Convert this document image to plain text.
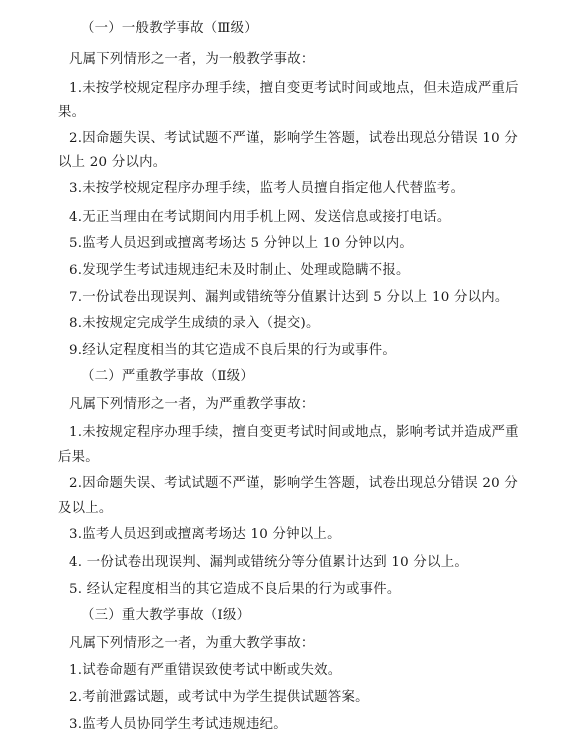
（一）一般教学事故（Ⅲ级）
凡属下列情形之一者，为一般教学事故：
1.未按学校规定程序办理手续，擅自变更考试时间或地点，但未造成严重后
果。
2.因命题失误、考试试题不严谨，影响学生答题，试卷出现总分错误 10 分
以上 20 分以内。
3.未按学校规定程序办理手续，监考人员擅自指定他人代替监考。
4.无正当理由在考试期间内用手机上网、发送信息或接打电话。
5.监考人员迟到或擅离考场达 5 分钟以上 10 分钟以内。
6.发现学生考试违规违纪未及时制止、处理或隐瞒不报。
7.一份试卷出现误判、漏判或错统等分值累计达到 5 分以上 10 分以内。
8.未按规定完成学生成绩的录入（提交)。
9.经认定程度相当的其它造成不良后果的行为或事件。
（二）严重教学事故（Ⅱ级）
凡属下列情形之一者，为严重教学事故：
1.未按规定程序办理手续，擅自变更考试时间或地点，影响考试并造成严重
后果。
2.因命题失误、考试试题不严谨，影响学生答题，试卷出现总分错误 20 分
及以上。
3.监考人员迟到或擅离考场达 10 分钟以上。
4. 一份试卷出现误判、漏判或错统分等分值累计达到 10 分以上。
5. 经认定程度相当的其它造成不良后果的行为或事件。
（三）重大教学事故（Ⅰ级）
凡属下列情形之一者，为重大教学事故：
1.试卷命题有严重错误致使考试中断或失效。
2.考前泄露试题，或考试中为学生提供试题答案。
3.监考人员协同学生考试违规违纪。
